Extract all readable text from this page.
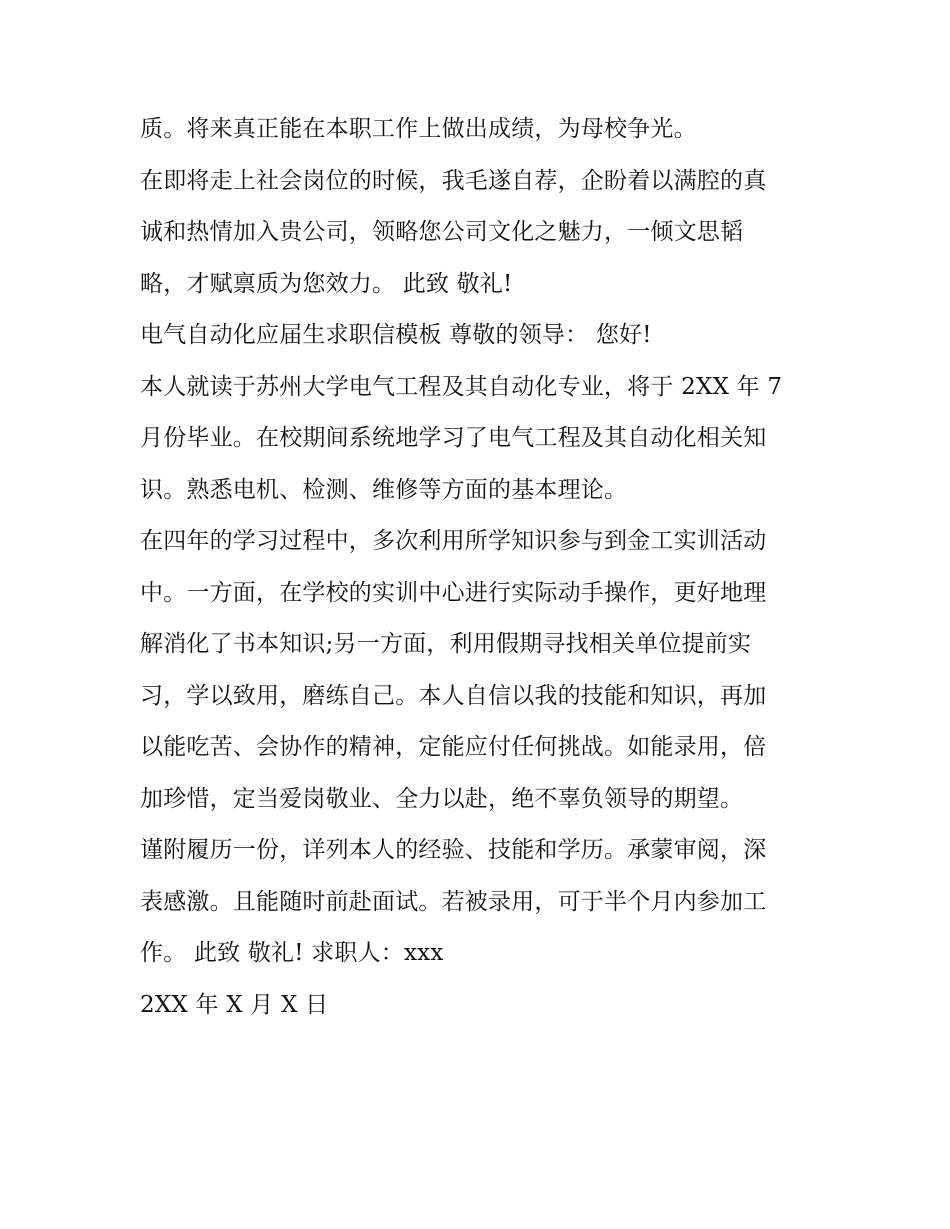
质。将来真正能在本职工作上做出成绩，为母校争光。
在即将走上社会岗位的时候，我毛遂自荐，企盼着以满腔的真
诚和热情加入贵公司，领略您公司文化之魅力，一倾文思韬
略，才赋禀质为您效力。 此致 敬礼!
电气自动化应届生求职信模板 尊敬的领导： 您好!
本人就读于苏州大学电气工程及其自动化专业，将于 2XX 年 7
月份毕业。在校期间系统地学习了电气工程及其自动化相关知
识。熟悉电机、检测、维修等方面的基本理论。
在四年的学习过程中，多次利用所学知识参与到金工实训活动
中。一方面，在学校的实训中心进行实际动手操作，更好地理
解消化了书本知识;另一方面，利用假期寻找相关单位提前实
习，学以致用，磨练自己。本人自信以我的技能和知识，再加
以能吃苦、会协作的精神，定能应付任何挑战。如能录用，倍
加珍惜，定当爱岗敬业、全力以赴，绝不辜负领导的期望。
谨附履历一份，详列本人的经验、技能和学历。承蒙审阅，深
表感激。且能随时前赴面试。若被录用，可于半个月内参加工
作。 此致 敬礼! 求职人：xxx
2XX 年 X 月 X 日
